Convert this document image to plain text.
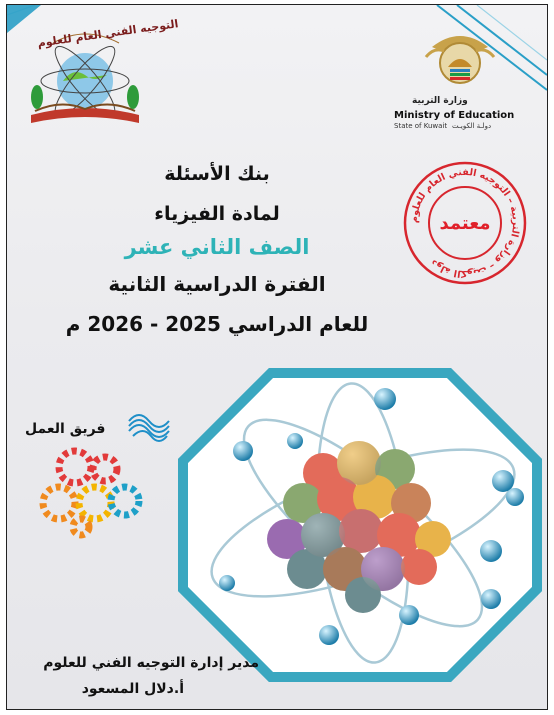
التوجيه الفني العام للعلوم
وزارة التربية
Ministry of Education
State of Kuwait دولـة الكويـت
بنك الأسئلة
لمادة الفيزياء
الصف الثاني عشر
الفترة الدراسية الثانية
للعام الدراسي 2025 - 2026 م
دولة الكويت – وزارة التربية – التوجيه الفني العام للعلوم
معتمد
فريق العمل
مدير إدارة التوجيه الفني للعلوم
أ.دلال المسعود
